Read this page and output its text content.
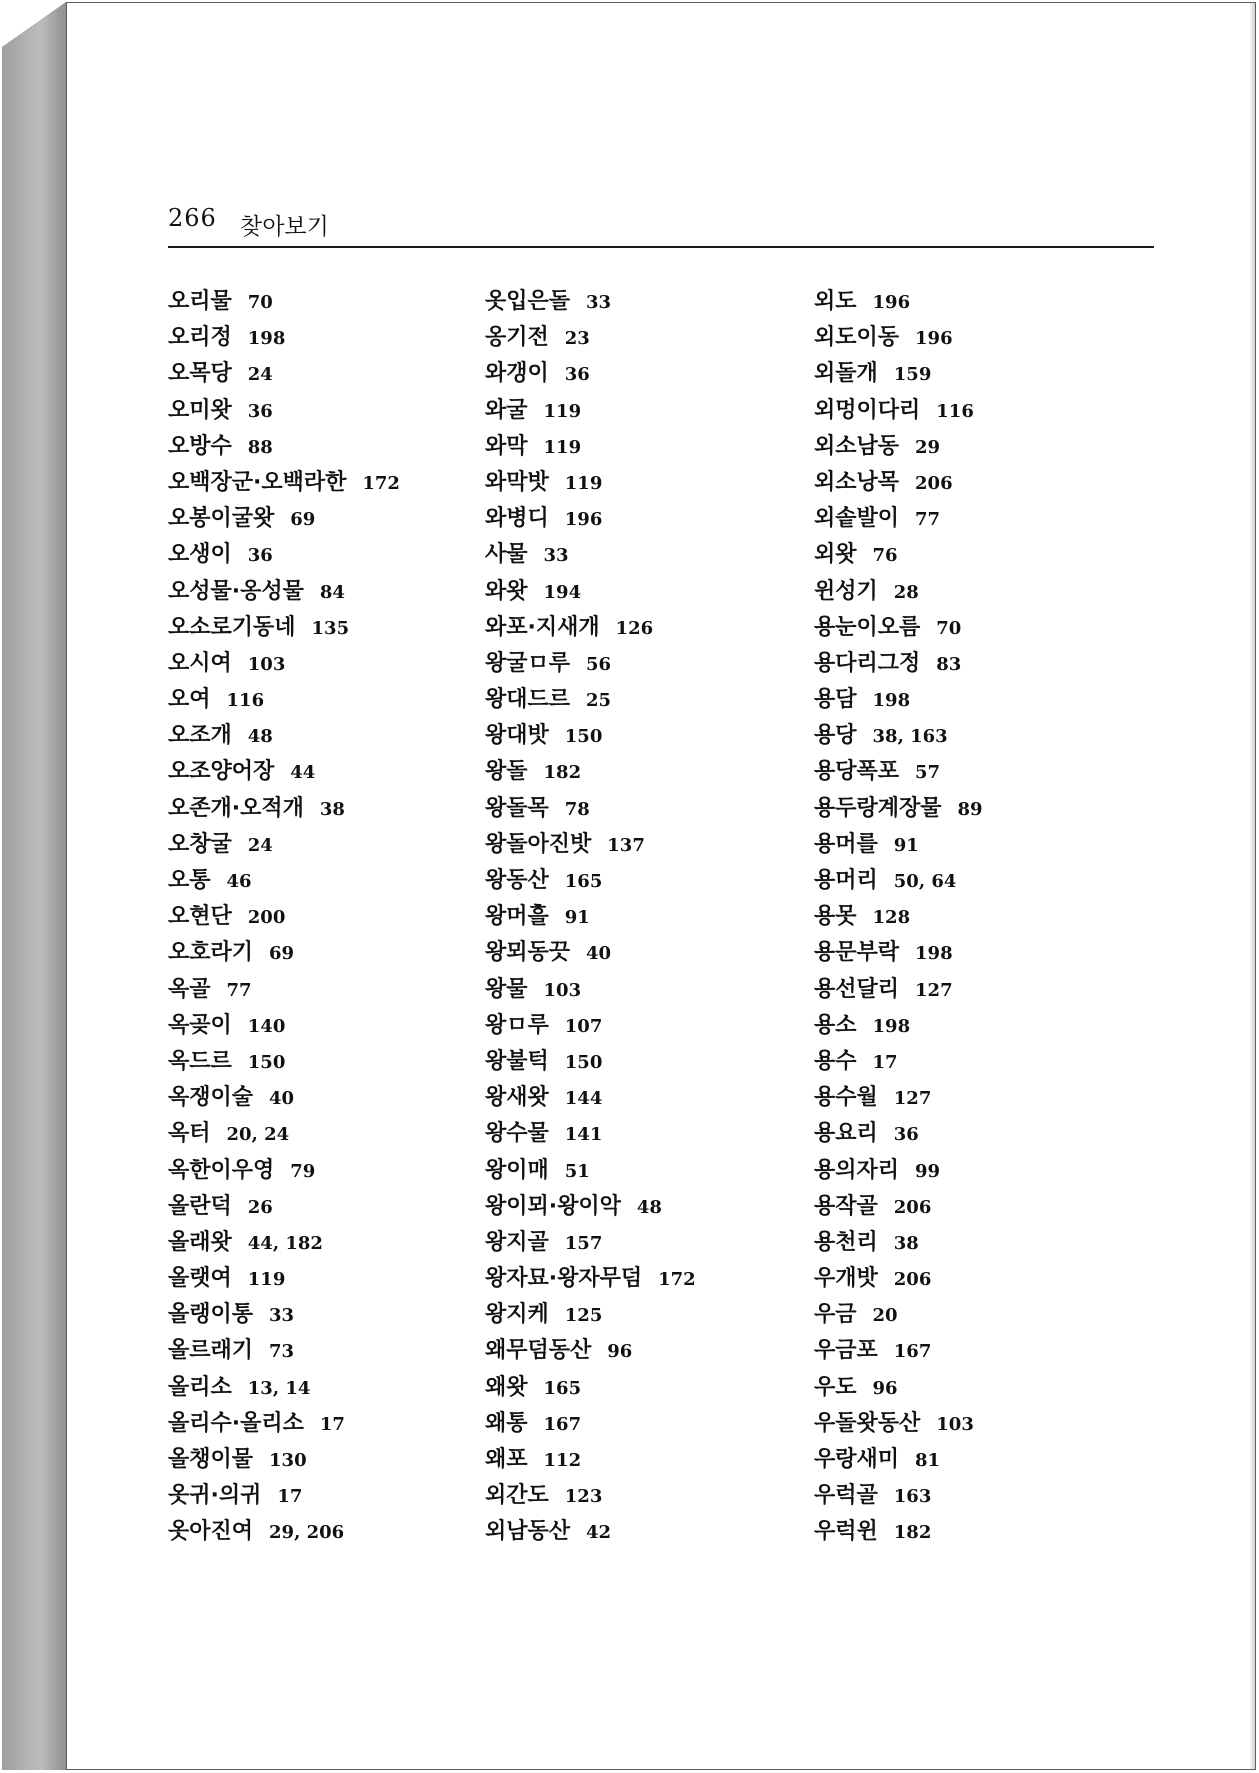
266 찾아보기
오리물 70
오리정 198
오목당 24
오미왓 36
오방수 88
오백장군·오백라한 172
오봉이굴왓 69
오생이 36
오성물·옹성물 84
오소로기동네 135
오시여 103
오여 116
오조개 48
오조양어장 44
오존개·오적개 38
오창굴 24
오통 46
오현단 200
오호라기 69
옥골 77
옥곶이 140
옥드르 150
옥쟁이술 40
옥터 20, 24
옥한이우영 79
올란덕 26
올래왓 44, 182
올랫여 119
올랭이통 33
올르래기 73
올리소 13, 14
올리수·올리소 17
올챙이물 130
옷귀·의귀 17
옷아진여 29, 206
옷입은돌 33
옹기전 23
와갱이 36
와굴 119
와막 119
와막밧 119
와병디 196
사물 33
와왓 194
와포·지새개 126
왕굴ㅁ루 56
왕대드르 25
왕대밧 150
왕돌 182
왕돌목 78
왕돌아진밧 137
왕동산 165
왕머흘 91
왕뫼동끗 40
왕물 103
왕ㅁ루 107
왕불턱 150
왕새왓 144
왕수물 141
왕이매 51
왕이뫼·왕이악 48
왕지골 157
왕자묘·왕자무덤 172
왕지케 125
왜무덤동산 96
왜왓 165
왜통 167
왜포 112
외간도 123
외남동산 42
외도 196
외도이동 196
외돌개 159
외멍이다리 116
외소남동 29
외소낭목 206
외솥발이 77
외왓 76
윈성기 28
용눈이오름 70
용다리그정 83
용담 198
용당 38, 163
용당폭포 57
용두랑계장물 89
용머를 91
용머리 50, 64
용못 128
용문부락 198
용선달리 127
용소 198
용수 17
용수월 127
용요리 36
용의자리 99
용작골 206
용천리 38
우개밧 206
우금 20
우금포 167
우도 96
우돌왓동산 103
우랑새미 81
우럭골 163
우럭윈 182
